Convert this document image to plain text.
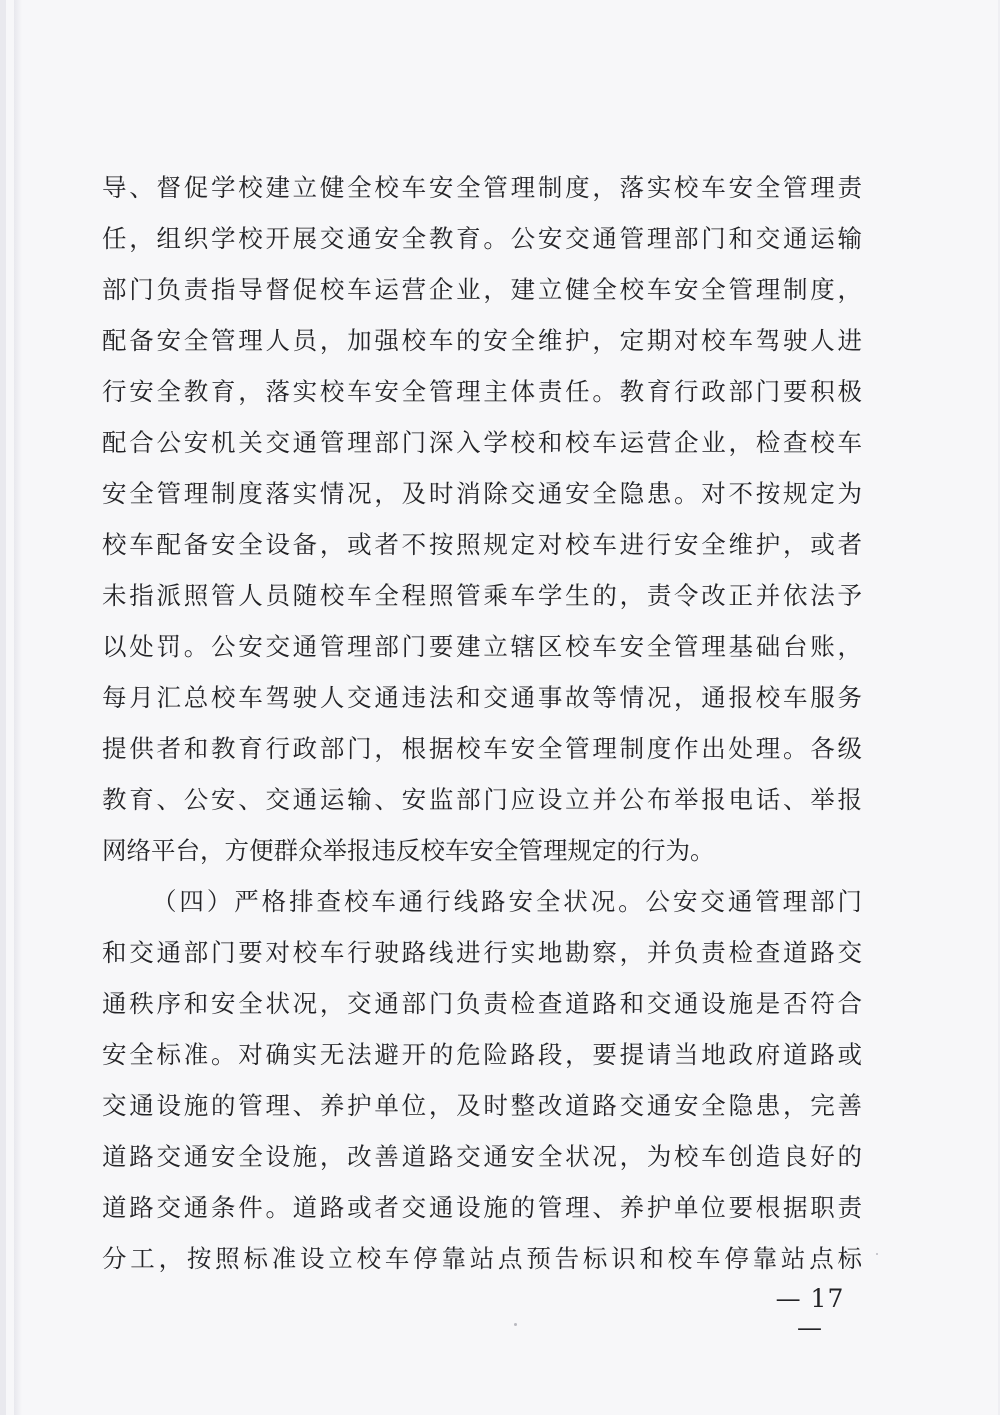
导、督促学校建立健全校车安全管理制度，落实校车安全管理责
任，组织学校开展交通安全教育。公安交通管理部门和交通运输
部门负责指导督促校车运营企业，建立健全校车安全管理制度，
配备安全管理人员，加强校车的安全维护，定期对校车驾驶人进
行安全教育，落实校车安全管理主体责任。教育行政部门要积极
配合公安机关交通管理部门深入学校和校车运营企业，检查校车
安全管理制度落实情况，及时消除交通安全隐患。对不按规定为
校车配备安全设备，或者不按照规定对校车进行安全维护，或者
未指派照管人员随校车全程照管乘车学生的，责令改正并依法予
以处罚。公安交通管理部门要建立辖区校车安全管理基础台账，
每月汇总校车驾驶人交通违法和交通事故等情况，通报校车服务
提供者和教育行政部门，根据校车安全管理制度作出处理。各级
教育、公安、交通运输、安监部门应设立并公布举报电话、举报
网络平台，方便群众举报违反校车安全管理规定的行为。
（四）严格排查校车通行线路安全状况。公安交通管理部门
和交通部门要对校车行驶路线进行实地勘察，并负责检查道路交
通秩序和安全状况，交通部门负责检查道路和交通设施是否符合
安全标准。对确实无法避开的危险路段，要提请当地政府道路或
交通设施的管理、养护单位，及时整改道路交通安全隐患，完善
道路交通安全设施，改善道路交通安全状况，为校车创造良好的
道路交通条件。道路或者交通设施的管理、养护单位要根据职责
分工，按照标准设立校车停靠站点预告标识和校车停靠站点标
— 17 —
